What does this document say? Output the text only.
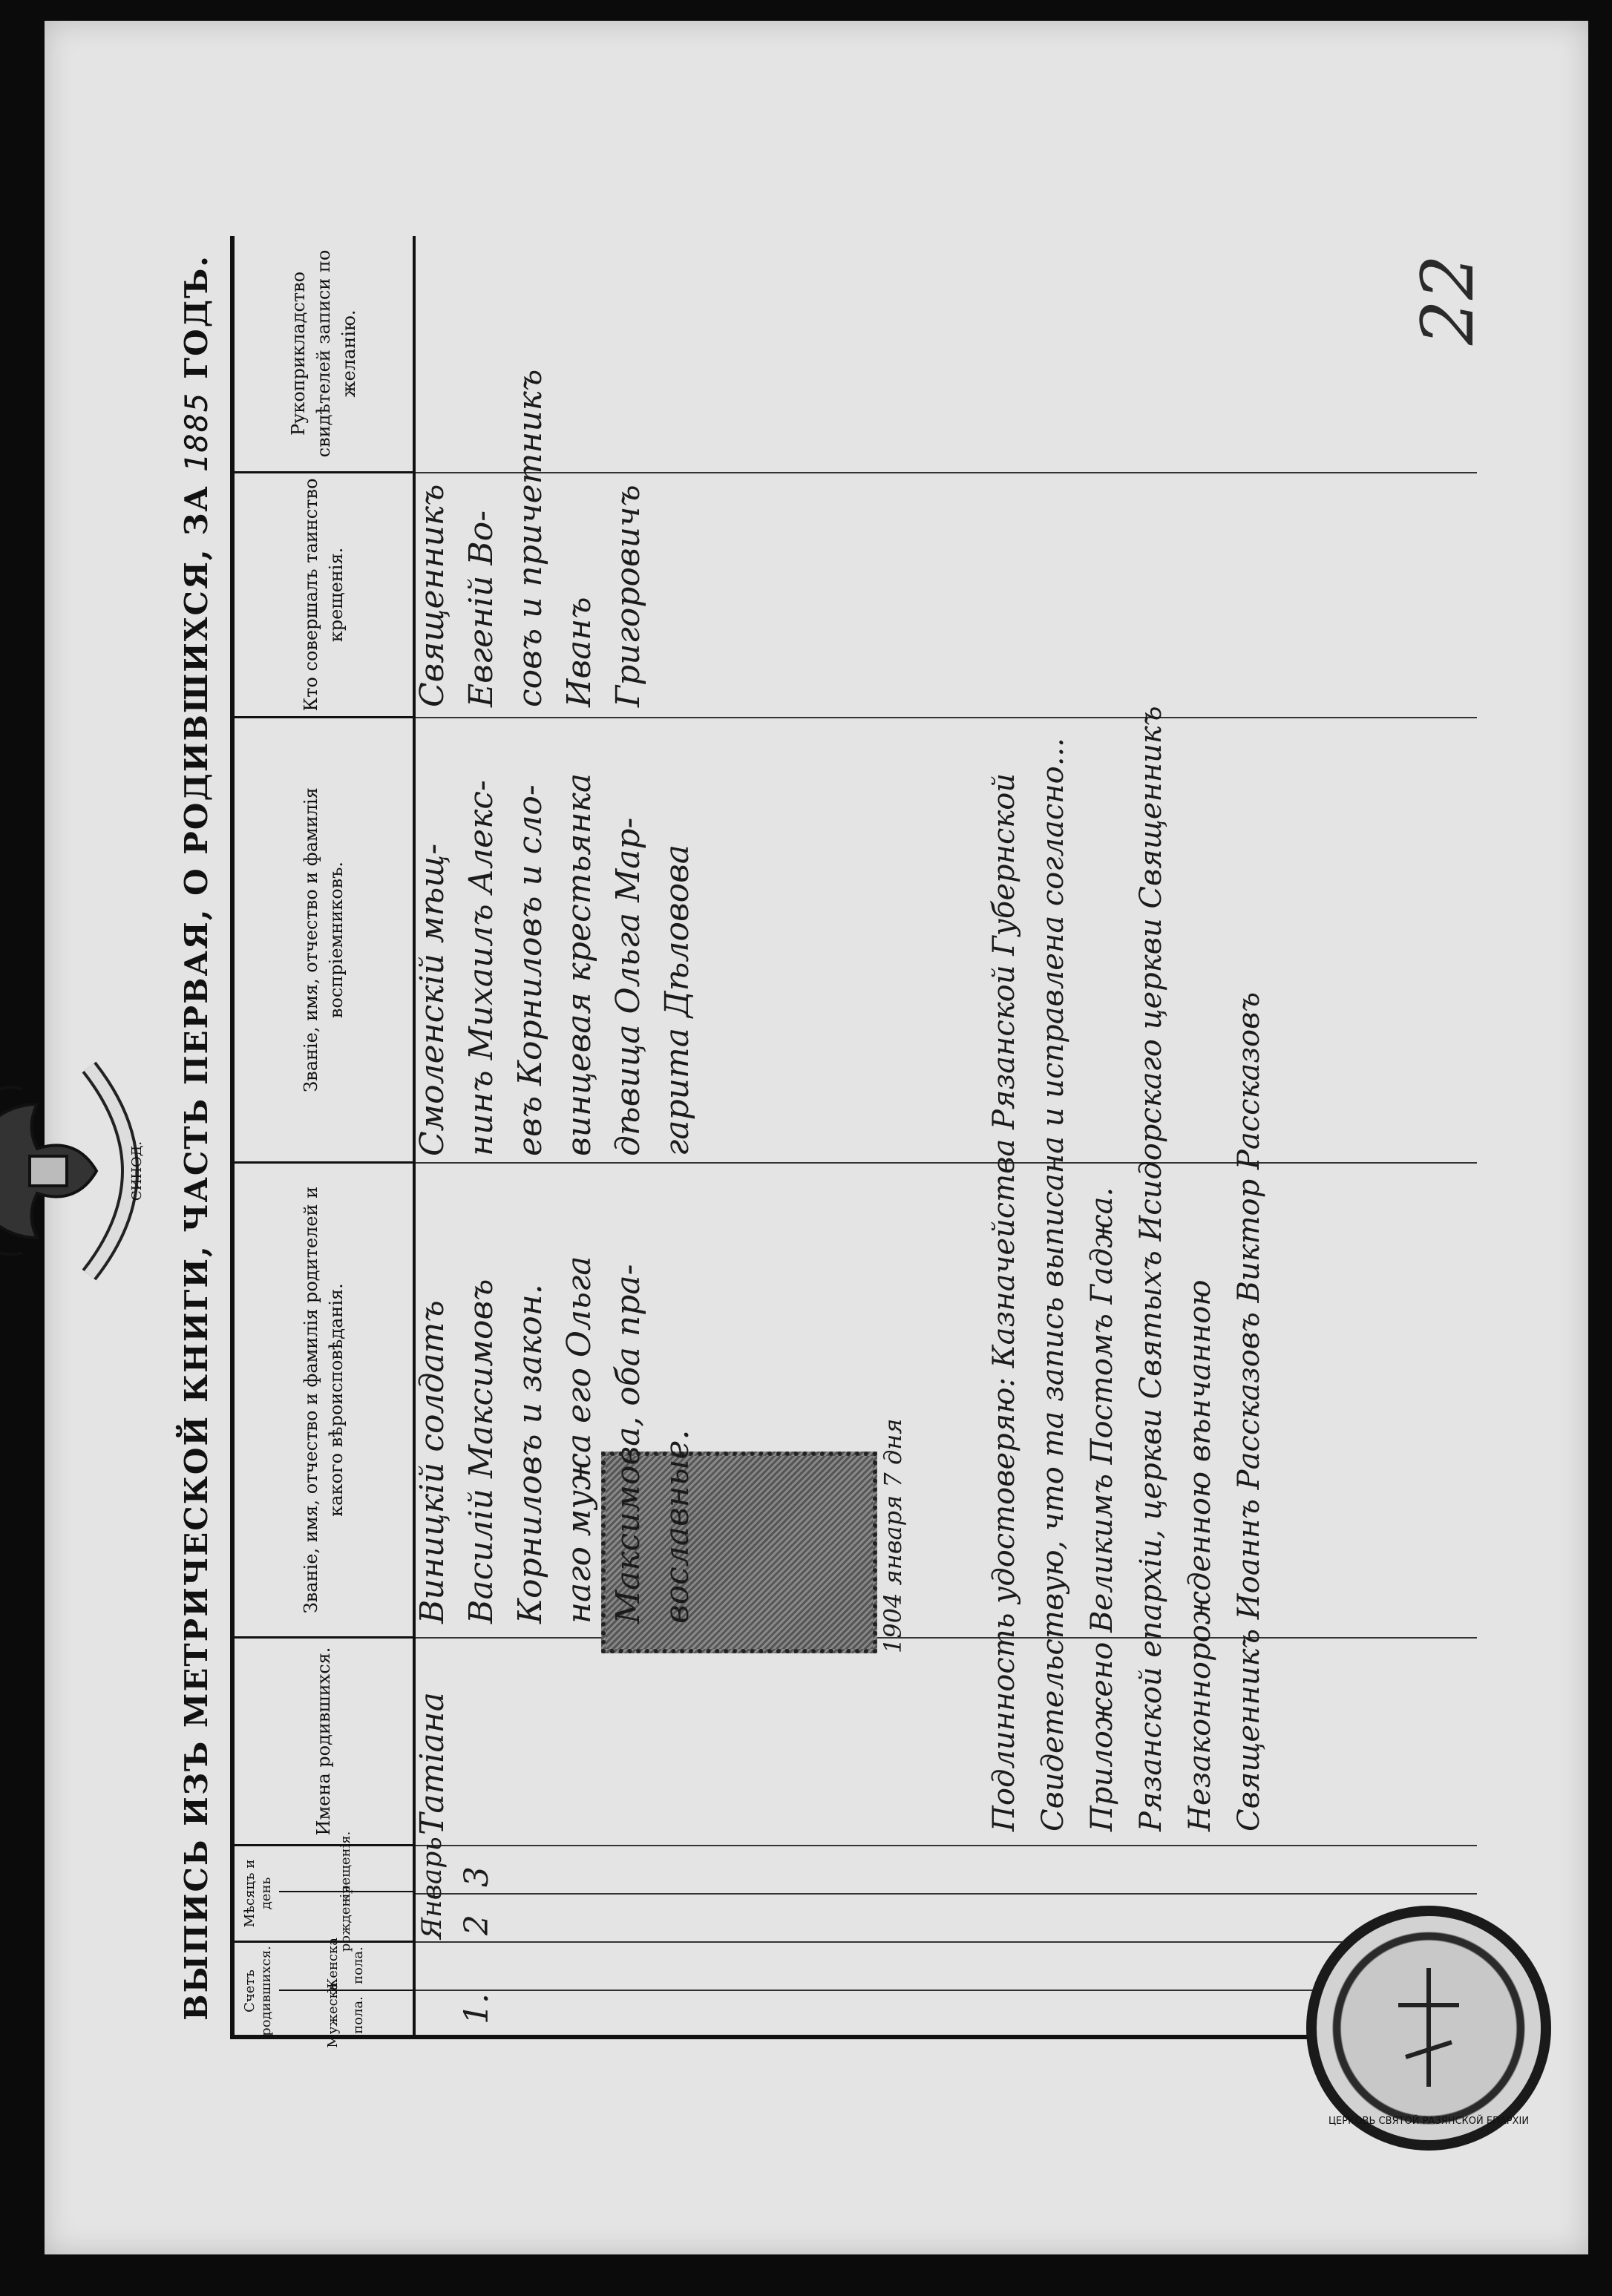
22
СИНОД. ВЫПИСЬ ИЗЪ МЕТРИЧЕСКОЙ КНИГИ, ЧАСТЬ ПЕРВАЯ, О РОДИВШИХСЯ, ЗА 1885 ГОДЪ.
Счетъ родившихся.	Мужеска пола.
Женска пола.
Мѣсяцъ и день	рожденія.
крещенія.
Имена родившихся.
Званіе, имя, отчество и фамилія родителей и какого вѣроисповѣданія.
Званіе, имя, отчество и фамилія воспріемниковъ.
Кто совершалъ таинство крещенія.
Рукоприкладство свидѣтелей записи по желанію.
1.
Январь 2
3
Татіана
1904 января 7 дня
Виницкій солдатъ Василій Максимовъ Корниловъ и закон. наго мужа его Ольга Максимова, оба пра- вославные.
Смоленскій мѣщ- нинъ Михаилъ Алекс- евъ Корниловъ и сло- винцевая крестьянка дѣвица Ольга Мар- гарита Дѣловова
Священникъ Евгеній Во- совъ и причетникъ Иванъ Григоровичъ
Подлинность удостоверяю: Казначейства Рязанской Губернской Свидетельствую, что та запись выписана и исправлена согласно... Приложено Великимъ Постомъ Гаджа. Рязанской епархіи, церкви Святыхъ Исидорскаго церкви Священникъ Незаконнорожденною вѣнчанною Священникъ Иоаннъ Рассказовъ Виктор Рассказовъ
ЦЕРКОВЬ СВЯТОЙ РАЗЯНСКОЙ ЕПАРХІИ
